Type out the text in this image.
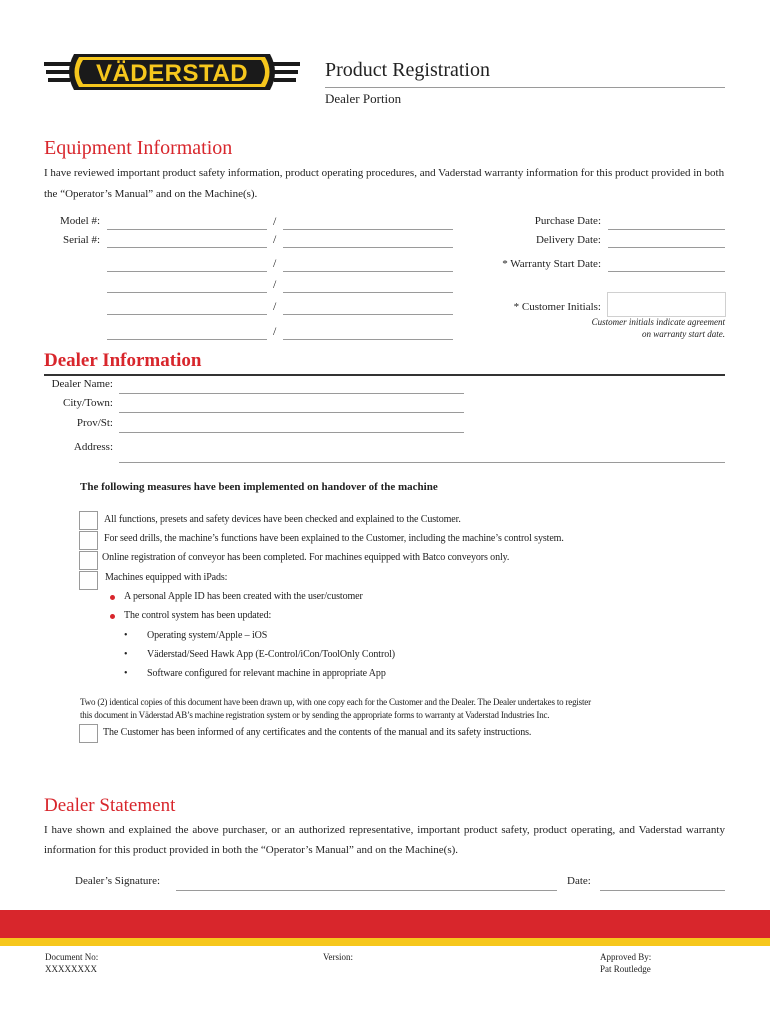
VÄDERSTAD	Product Registration
Dealer Portion
Equipment Information
I have reviewed important product safety information, product operating procedures, and Vaderstad warranty information for this product provided in both the “Operator’s Manual” and on the Machine(s).
Model #:
Serial #:
/
/
/
/
/
/
Purchase Date:
Delivery Date:
* Warranty Start Date:
* Customer Initials:
Customer initials indicate agreement
on warranty start date.
Dealer Information
Dealer Name:
City/Town:
Prov/St:
Address:
The following measures have been implemented on handover of the machine
All functions, presets and safety devices have been checked and explained to the Customer.
For seed drills, the machine’s functions have been explained to the Customer, including the machine’s control system.
Online registration of conveyor has been completed. For machines equipped with Batco conveyors only.
Machines equipped with iPads:
A personal Apple ID has been created with the user/customer
The control system has been updated:
• Operating system/Apple – iOS
• Väderstad/Seed Hawk App (E-Control/iCon/ToolOnly Control)
• Software configured for relevant machine in appropriate App
Two (2) identical copies of this document have been drawn up, with one copy each for the Customer and the Dealer. The Dealer undertakes to register
this document in Väderstad AB’s machine registration system or by sending the appropriate forms to warranty at Vaderstad Industries Inc.
The Customer has been informed of any certificates and the contents of the manual and its safety instructions.
Dealer Statement
I have shown and explained the above purchaser, or an authorized representative, important product safety, product operating, and Vaderstad warranty information for this product provided in both the “Operator’s Manual” and on the Machine(s).
Dealer’s Signature:	Date:
Document No:
XXXXXXXX
Version:	Approved By:
Pat Routledge
